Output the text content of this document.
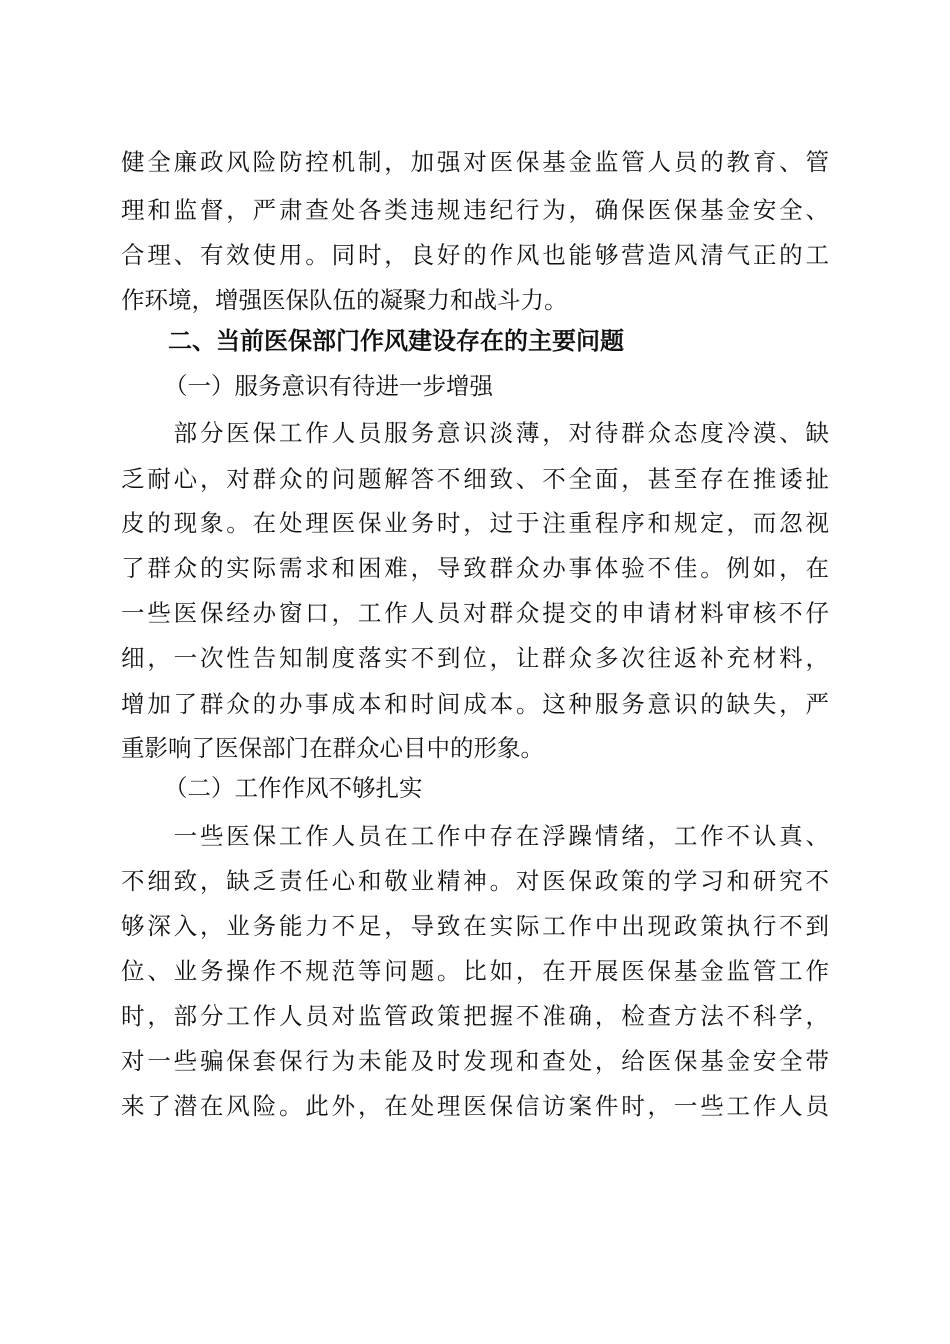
健全廉政风险防控机制，加强对医保基金监管人员的教育、管
理和监督，严肃查处各类违规违纪行为，确保医保基金安全、
合理、有效使用。同时，良好的作风也能够营造风清气正的工
作环境，增强医保队伍的凝聚力和战斗力。
二、当前医保部门作风建设存在的主要问题
（一）服务意识有待进一步增强
　　部分医保工作人员服务意识淡薄，对待群众态度冷漠、缺
乏耐心，对群众的问题解答不细致、不全面，甚至存在推诿扯
皮的现象。在处理医保业务时，过于注重程序和规定，而忽视
了群众的实际需求和困难，导致群众办事体验不佳。例如，在
一些医保经办窗口，工作人员对群众提交的申请材料审核不仔
细，一次性告知制度落实不到位，让群众多次往返补充材料，
增加了群众的办事成本和时间成本。这种服务意识的缺失，严
重影响了医保部门在群众心目中的形象。
（二）工作作风不够扎实
　　一些医保工作人员在工作中存在浮躁情绪，工作不认真、
不细致，缺乏责任心和敬业精神。对医保政策的学习和研究不
够深入，业务能力不足，导致在实际工作中出现政策执行不到
位、业务操作不规范等问题。比如，在开展医保基金监管工作
时，部分工作人员对监管政策把握不准确，检查方法不科学，
对一些骗保套保行为未能及时发现和查处，给医保基金安全带
来了潜在风险。此外，在处理医保信访案件时，一些工作人员
